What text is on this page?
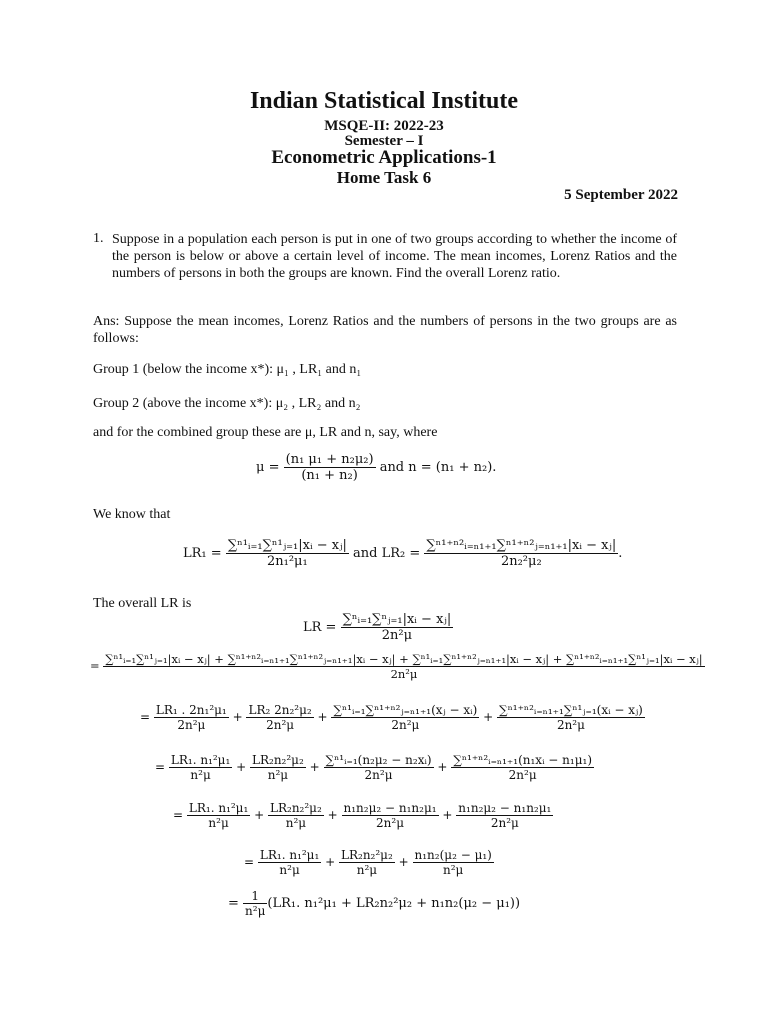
Indian Statistical Institute
MSQE-II: 2022-23
Semester – I
Econometric Applications-1
Home Task 6
5 September 2022
1. Suppose in a population each person is put in one of two groups according to whether the income of the person is below or above a certain level of income. The mean incomes, Lorenz Ratios and the numbers of persons in both the groups are known. Find the overall Lorenz ratio.
Ans: Suppose the mean incomes, Lorenz Ratios and the numbers of persons in the two groups are as follows:
Group 1 (below the income x*): μ₁ , LR₁ and n₁
Group 2 (above the income x*): μ₂ , LR₂ and n₂
and for the combined group these are μ, LR and n, say, where
$\mu = \frac{\text{(n₁ μ₁ + n₂μ₂)}}{\text{(n₁ + n₂)}}$ and n = (n₁ + n₂).
We know that
$LR_1 = \frac{\text{∑ⁿ¹ᵢ₌₁∑ⁿ¹ⱼ₌₁|xᵢ − xⱼ|}}{\text{2n₁²μ₁}}$ and $LR_2 = \frac{\text{∑ⁿ¹⁺ⁿ²ᵢ₌ₙ₁₊₁∑ⁿ¹⁺ⁿ²ⱼ₌ₙ₁₊₁|xᵢ − xⱼ|}}{\text{2n₂²μ₂}}$ .
The overall LR is
LR = $\frac{\text{∑ⁿᵢ₌₁∑ⁿⱼ₌₁|xᵢ − xⱼ|}}{\text{2n²μ}}$
= ∑ⁿ¹ᵢ₌₁∑ⁿ¹ⱼ₌₁|xᵢ − xⱼ| + ∑ⁿ¹⁺ⁿ²ᵢ₌ₙ₁₊₁∑ⁿ¹⁺ⁿ²ⱼ₌ₙ₁₊₁|xᵢ − xⱼ| + ∑ⁿ¹ᵢ₌₁∑ⁿ¹⁺ⁿ²ⱼ₌ₙ₁₊₁|xᵢ − xⱼ| + ∑ⁿ¹⁺ⁿ²ᵢ₌ₙ₁₊₁∑ⁿ¹ⱼ₌₁|xᵢ − xⱼ|
2n²μ
= $\frac{\text{LR₁ . 2n₁²μ₁}}{\text{2n²μ}} + \frac{\text{LR₂ 2n₂²μ₂}}{\text{2n²μ}} + \frac{\text{∑ⁿ¹ᵢ₌₁∑ⁿ¹⁺ⁿ²ⱼ₌ₙ₁₊₁(xⱼ − xᵢ)}}{\text{2n²μ}} + \frac{\text{∑ⁿ¹⁺ⁿ²ᵢ₌ₙ₁₊₁∑ⁿ¹ⱼ₌₁(xᵢ − xⱼ)}}{\text{2n²μ}}$
= $\frac{\text{LR₁. n₁²μ₁}}{\text{n²μ}} + \frac{\text{LR₂n₂²μ₂}}{\text{n²μ}} + \frac{\text{∑ⁿ¹ᵢ₌₁(n₂μ₂ − n₂xᵢ)}}{\text{2n²μ}} + \frac{\text{∑ⁿ¹⁺ⁿ²ᵢ₌ₙ₁₊₁(n₁xᵢ − n₁μ₁)}}{\text{2n²μ}}$
= $\frac{\text{LR₁. n₁²μ₁}}{\text{n²μ}} + \frac{\text{LR₂n₂²μ₂}}{\text{n²μ}} + \frac{\text{n₁n₂μ₂ − n₁n₂μ₁}}{\text{2n²μ}} + \frac{\text{n₁n₂μ₂ − n₁n₂μ₁}}{\text{2n²μ}}$
= $\frac{\text{LR₁. n₁²μ₁}}{\text{n²μ}} + \frac{\text{LR₂n₂²μ₂}}{\text{n²μ}} + \frac{\text{n₁n₂(μ₂ − μ₁)}}{\text{n²μ}}$
= $\frac{1}{\text{n²μ}} (LR_1$. n₁²μ₁ + LR₂n₂²μ₂ + n₁n₂(μ₂ − μ₁))
